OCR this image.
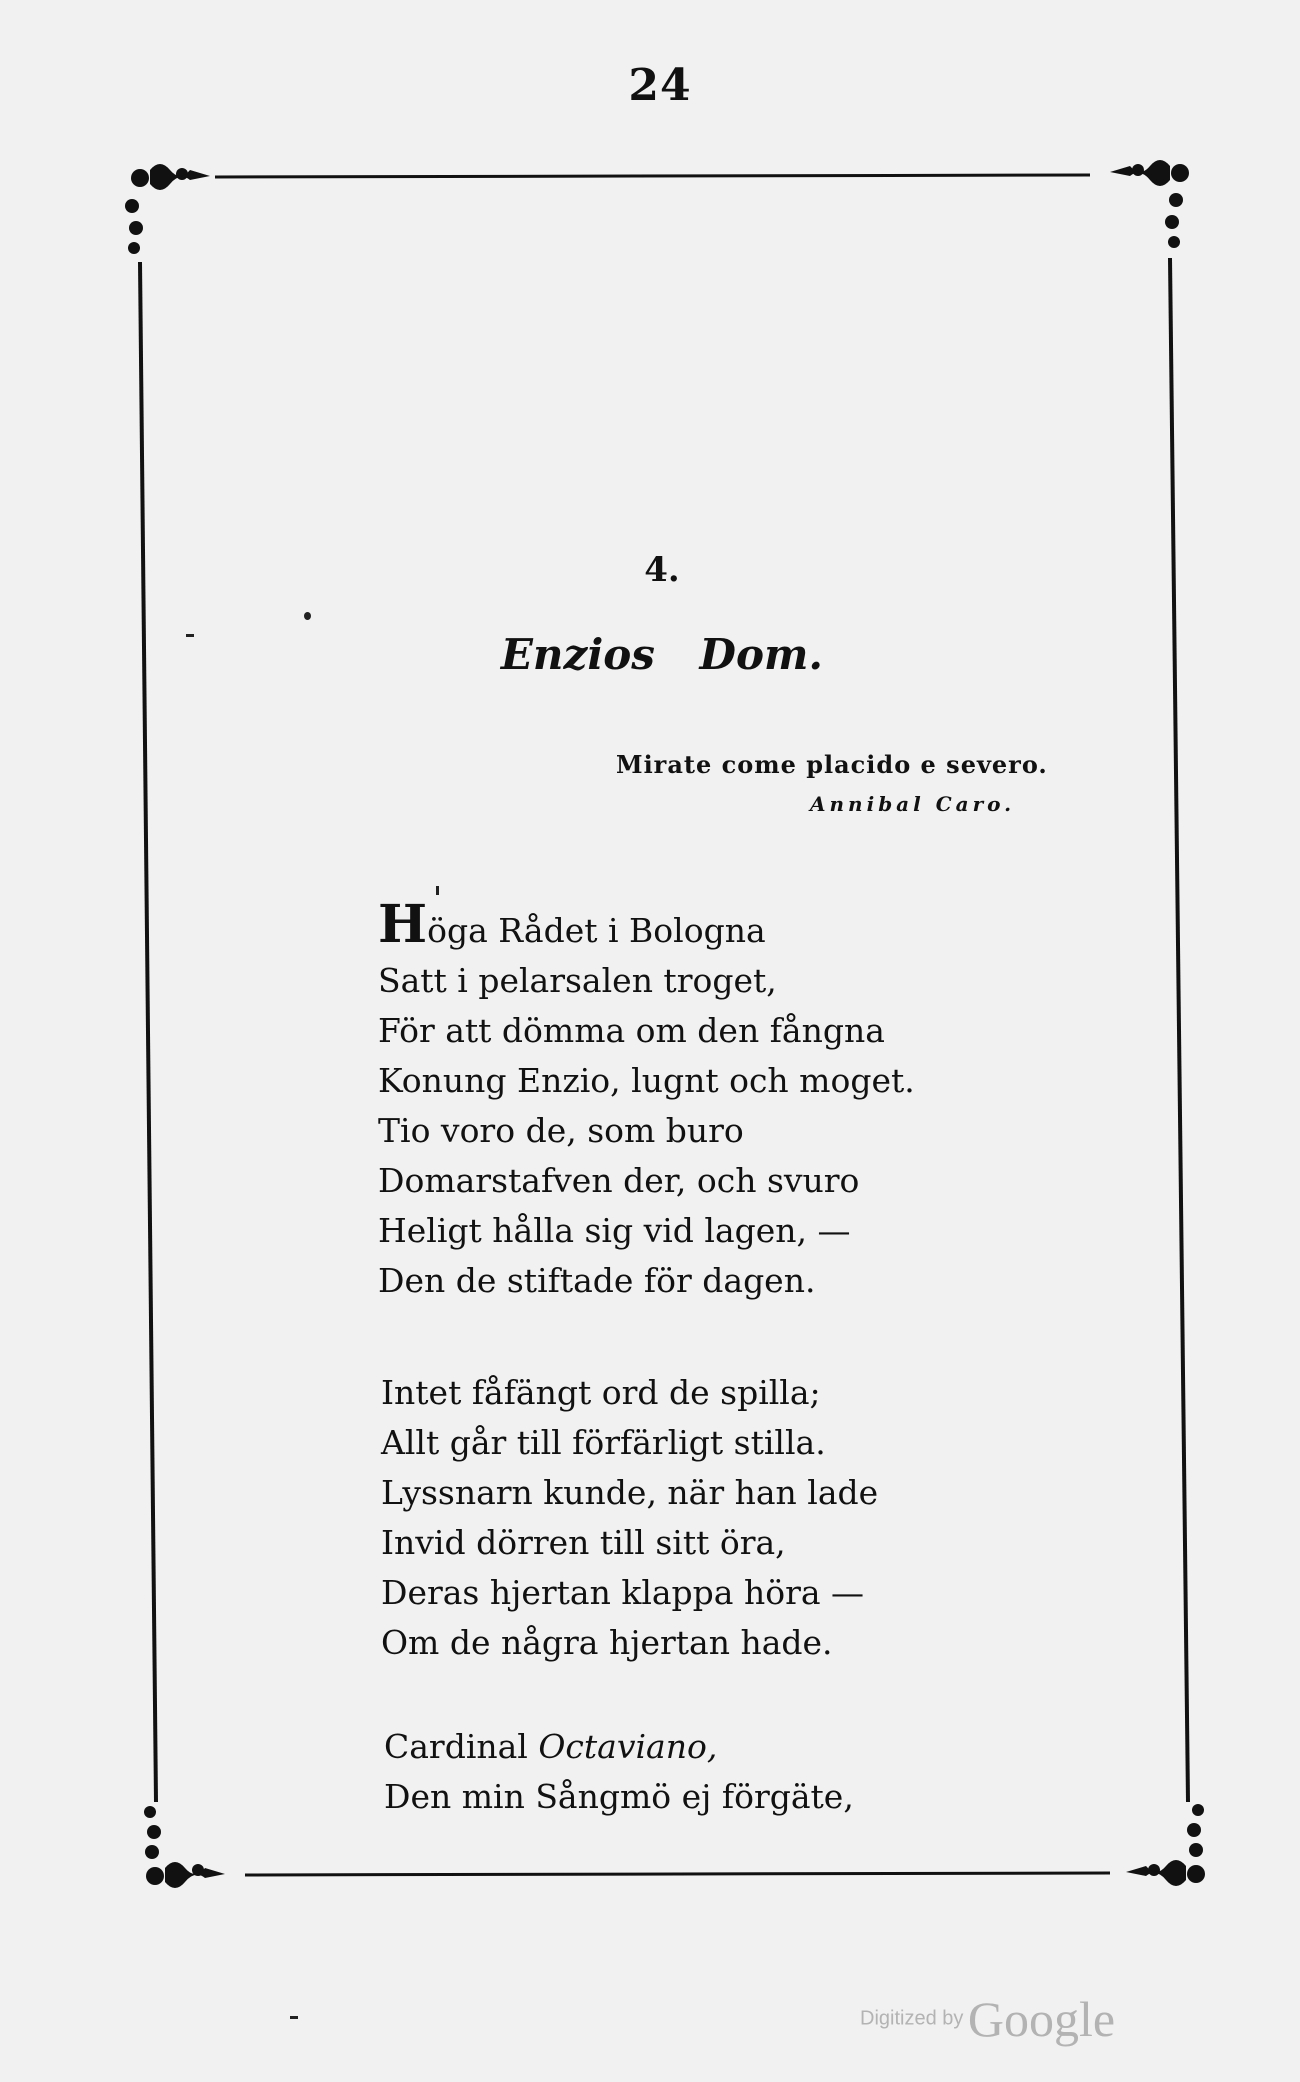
24
4.
Enzios Dom.
Mirate come placido e severo.
Annibal Caro.
Höga Rådet i Bologna
Satt i pelarsalen troget,
För att dömma om den fångna
Konung Enzio, lugnt och moget.
Tio voro de, som buro
Domarstafven der, och svuro
Heligt hålla sig vid lagen, —
Den de stiftade för dagen.
Intet fåfängt ord de spilla;
Allt går till förfärligt stilla.
Lyssnarn kunde, när han lade
Invid dörren till sitt öra,
Deras hjertan klappa höra —
Om de några hjertan hade.
Cardinal Octaviano,
Den min Sångmö ej förgäte,
Digitized by Google
